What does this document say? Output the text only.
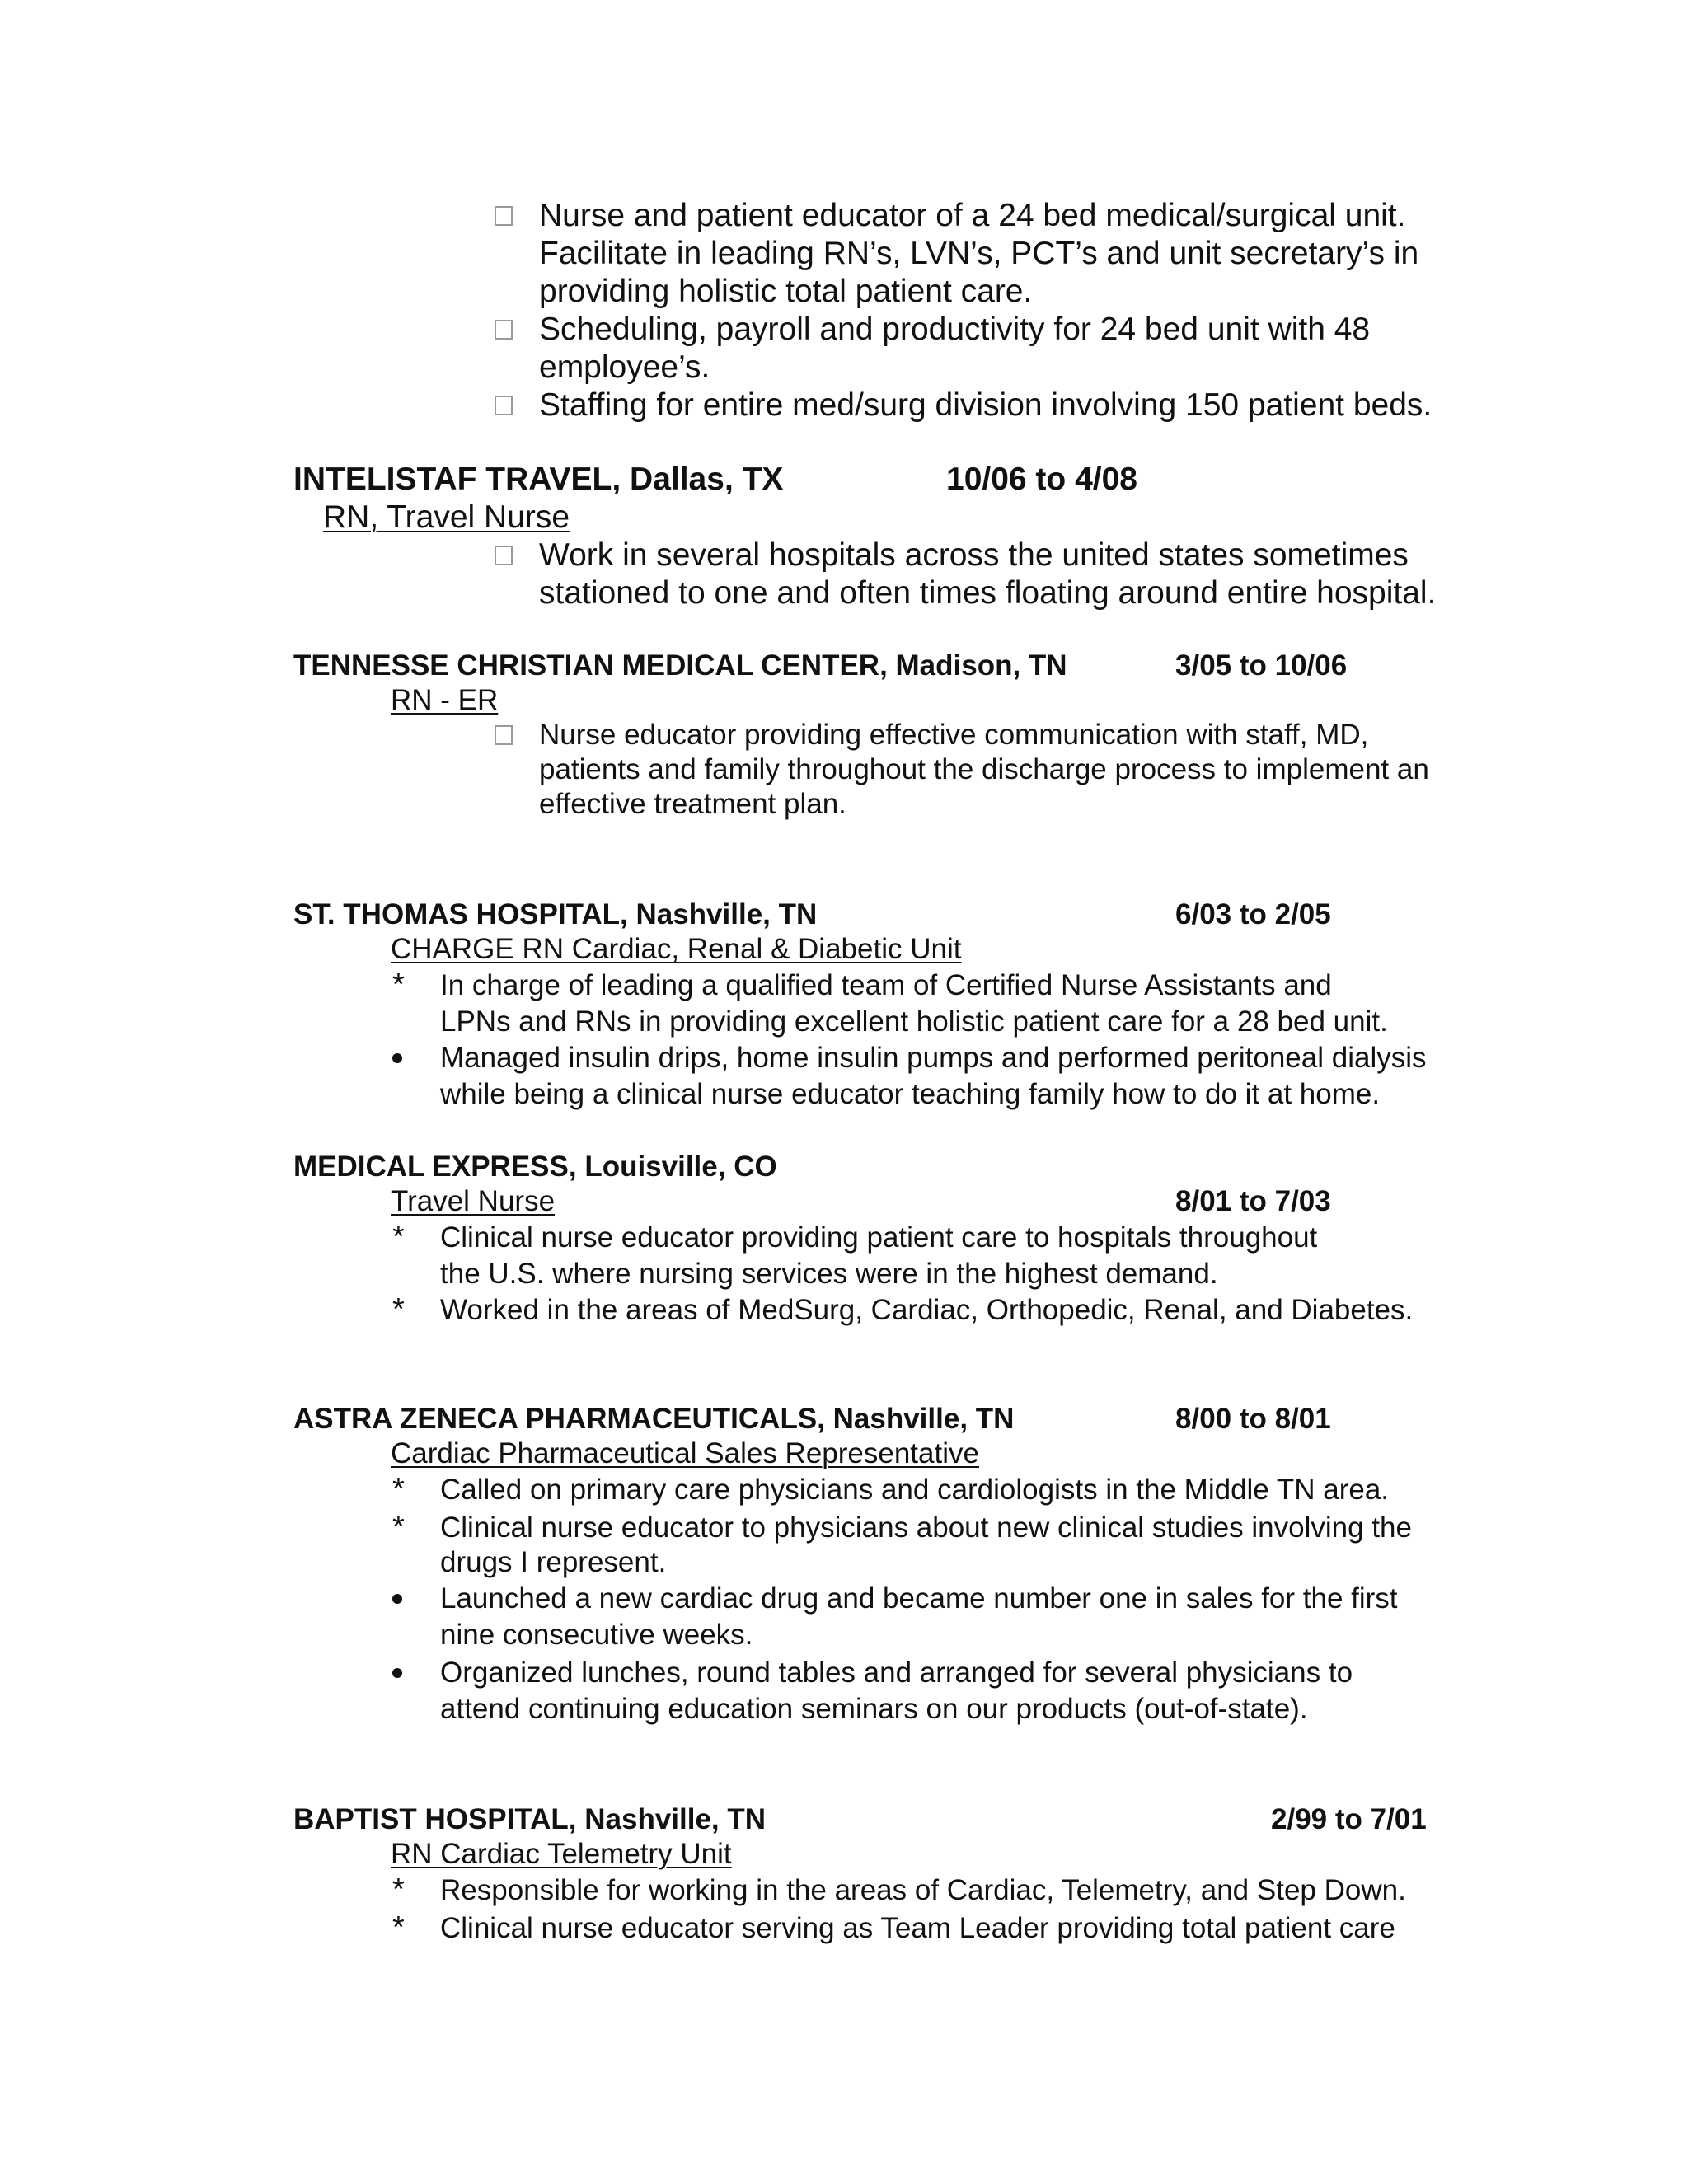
Nurse and patient educator of a 24 bed medical/surgical unit.
Facilitate in leading RN’s, LVN’s, PCT’s and unit secretary’s in
providing holistic total patient care.
Scheduling, payroll and productivity for 24 bed unit with 48
employee’s.
Staffing for entire med/surg division involving 150 patient beds.
INTELISTAF TRAVEL, Dallas, TX	10/06 to 4/08
RN, Travel Nurse
Work in several hospitals across the united states sometimes
stationed to one and often times floating around entire hospital.
TENNESSE CHRISTIAN MEDICAL CENTER, Madison, TN	3/05 to 10/06
RN - ER
Nurse educator providing effective communication with staff, MD,
patients and family throughout the discharge process to implement an
effective treatment plan.
ST. THOMAS HOSPITAL, Nashville, TN	6/03 to 2/05
CHARGE RN Cardiac, Renal & Diabetic Unit
* In charge of leading a qualified team of Certified Nurse Assistants and
LPNs and RNs in providing excellent holistic patient care for a 28 bed unit.
Managed insulin drips, home insulin pumps and performed peritoneal dialysis
while being a clinical nurse educator teaching family how to do it at home.
MEDICAL EXPRESS, Louisville, CO
Travel Nurse	8/01 to 7/03
* Clinical nurse educator providing patient care to hospitals throughout
the U.S. where nursing services were in the highest demand.
* Worked in the areas of MedSurg, Cardiac, Orthopedic, Renal, and Diabetes.
ASTRA ZENECA PHARMACEUTICALS, Nashville, TN	8/00 to 8/01
Cardiac Pharmaceutical Sales Representative
* Called on primary care physicians and cardiologists in the Middle TN area.
* Clinical nurse educator to physicians about new clinical studies involving the
drugs I represent.
Launched a new cardiac drug and became number one in sales for the first
nine consecutive weeks.
Organized lunches, round tables and arranged for several physicians to
attend continuing education seminars on our products (out-of-state).
BAPTIST HOSPITAL, Nashville, TN	2/99 to 7/01
RN Cardiac Telemetry Unit
* Responsible for working in the areas of Cardiac, Telemetry, and Step Down.
* Clinical nurse educator serving as Team Leader providing total patient care
